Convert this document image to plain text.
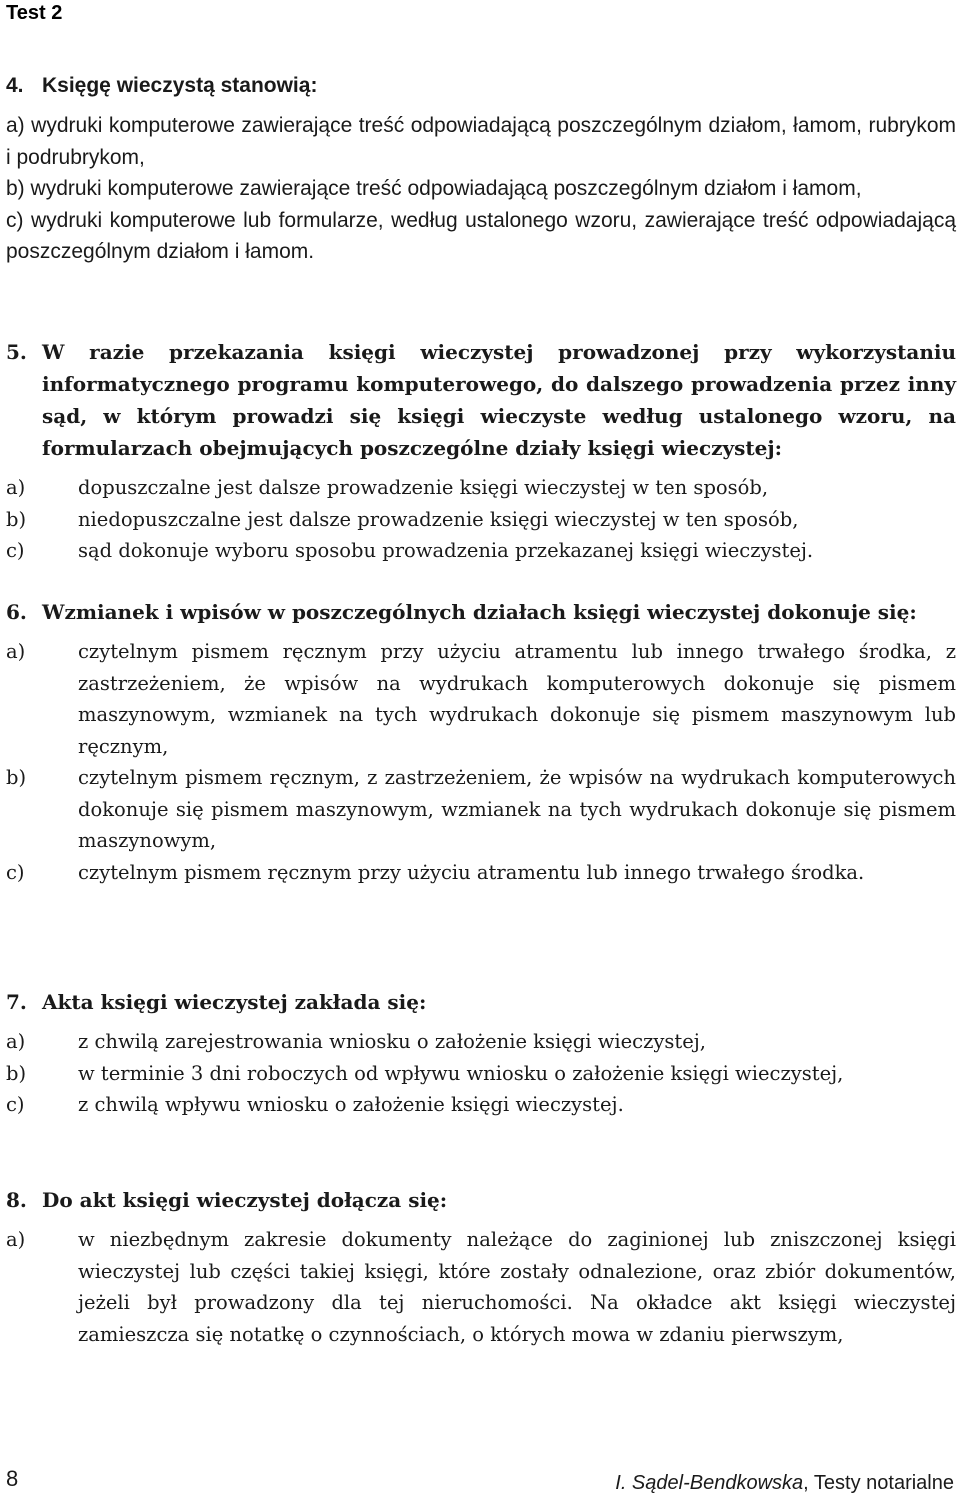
Test 2
4. Księgę wieczystą stanowią:
a) wydruki komputerowe zawierające treść odpowiadającą poszczególnym działom, łamom, rubrykom i podrubrykom,
b) wydruki komputerowe zawierające treść odpowiadającą poszczególnym działom i łamom,
c) wydruki komputerowe lub formularze, według ustalonego wzoru, zawierające treść odpowiadającą poszczególnym działom i łamom.
5. W razie przekazania księgi wieczystej prowadzonej przy wykorzystaniu informatycznego programu komputerowego, do dalszego prowadzenia przez inny sąd, w którym prowadzi się księgi wieczyste według ustalonego wzoru, na formularzach obejmujących poszczególne działy księgi wieczystej:
a)	dopuszczalne jest dalsze prowadzenie księgi wieczystej w ten sposób,
b)	niedopuszczalne jest dalsze prowadzenie księgi wieczystej w ten sposób,
c)	sąd dokonuje wyboru sposobu prowadzenia przekazanej księgi wieczystej.
6. Wzmianek i wpisów w poszczególnych działach księgi wieczystej dokonuje się:
a)	czytelnym pismem ręcznym przy użyciu atramentu lub innego trwałego środka, z zastrzeżeniem, że wpisów na wydrukach komputerowych dokonuje się pismem maszynowym, wzmianek na tych wydrukach dokonuje się pismem maszynowym lub ręcznym,
b)	czytelnym pismem ręcznym, z zastrzeżeniem, że wpisów na wydrukach komputerowych dokonuje się pismem maszynowym, wzmianek na tych wydrukach dokonuje się pismem maszynowym,
c)	czytelnym pismem ręcznym przy użyciu atramentu lub innego trwałego środka.
7. Akta księgi wieczystej zakłada się:
a)	z chwilą zarejestrowania wniosku o założenie księgi wieczystej,
b)	w terminie 3 dni roboczych od wpływu wniosku o założenie księgi wieczystej,
c)	z chwilą wpływu wniosku o założenie księgi wieczystej.
8. Do akt księgi wieczystej dołącza się:
a)	w niezbędnym zakresie dokumenty należące do zaginionej lub zniszczonej księgi wieczystej lub części takiej księgi, które zostały odnalezione, oraz zbiór dokumentów, jeżeli był prowadzony dla tej nieruchomości. Na okładce akt księgi wieczystej zamieszcza się notatkę o czynnościach, o których mowa w zdaniu pierwszym,
8	I. Sądel-Bendkowska, Testy notarialne
